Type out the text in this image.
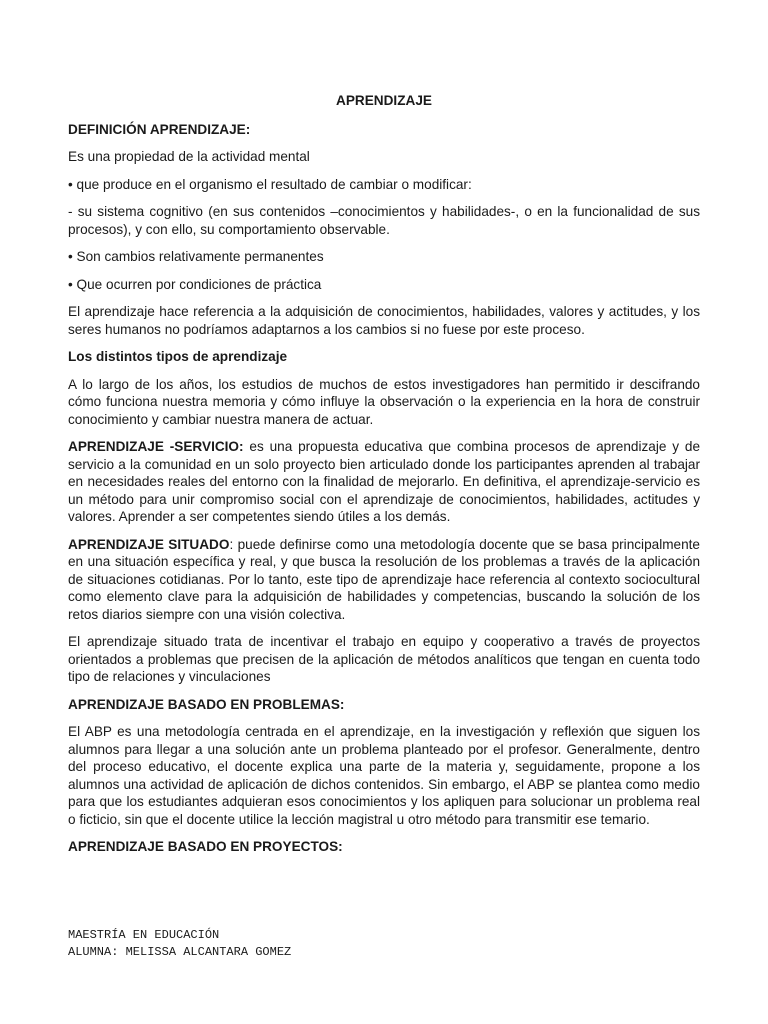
APRENDIZAJE
DEFINICIÓN APRENDIZAJE:

Es una propiedad de la actividad mental

• que produce en el organismo el resultado de cambiar o modificar:

- su sistema cognitivo (en sus contenidos –conocimientos y habilidades-, o en la funcionalidad de sus procesos), y con ello, su comportamiento observable.

• Son cambios relativamente permanentes

• Que ocurren por condiciones de práctica

El aprendizaje hace referencia a la adquisición de conocimientos, habilidades, valores y actitudes, y los seres humanos no podríamos adaptarnos a los cambios si no fuese por este proceso.

Los distintos tipos de aprendizaje

A lo largo de los años, los estudios de muchos de estos investigadores han permitido ir descifrando cómo funciona nuestra memoria y cómo influye la observación o la experiencia en la hora de construir conocimiento y cambiar nuestra manera de actuar.

APRENDIZAJE -SERVICIO: es una propuesta educativa que combina procesos de aprendizaje y de servicio a la comunidad en un solo proyecto bien articulado donde los participantes aprenden al trabajar en necesidades reales del entorno con la finalidad de mejorarlo. En definitiva, el aprendizaje-servicio es un método para unir compromiso social con el aprendizaje de conocimientos, habilidades, actitudes y valores. Aprender a ser competentes siendo útiles a los demás.

APRENDIZAJE SITUADO: puede definirse como una metodología docente que se basa principalmente en una situación específica y real, y que busca la resolución de los problemas a través de la aplicación de situaciones cotidianas. Por lo tanto, este tipo de aprendizaje hace referencia al contexto sociocultural como elemento clave para la adquisición de habilidades y competencias, buscando la solución de los retos diarios siempre con una visión colectiva.

El aprendizaje situado trata de incentivar el trabajo en equipo y cooperativo a través de proyectos orientados a problemas que precisen de la aplicación de métodos analíticos que tengan en cuenta todo tipo de relaciones y vinculaciones

APRENDIZAJE BASADO EN PROBLEMAS:

El ABP es una metodología centrada en el aprendizaje, en la investigación y reflexión que siguen los alumnos para llegar a una solución ante un problema planteado por el profesor. Generalmente, dentro del proceso educativo, el docente explica una parte de la materia y, seguidamente, propone a los alumnos una actividad de aplicación de dichos contenidos. Sin embargo, el ABP se plantea como medio para que los estudiantes adquieran esos conocimientos y los apliquen para solucionar un problema real o ficticio, sin que el docente utilice la lección magistral u otro método para transmitir ese temario.

APRENDIZAJE BASADO EN PROYECTOS:
MAESTRÍA EN EDUCACIÓN
ALUMNA: MELISSA ALCANTARA GOMEZ
